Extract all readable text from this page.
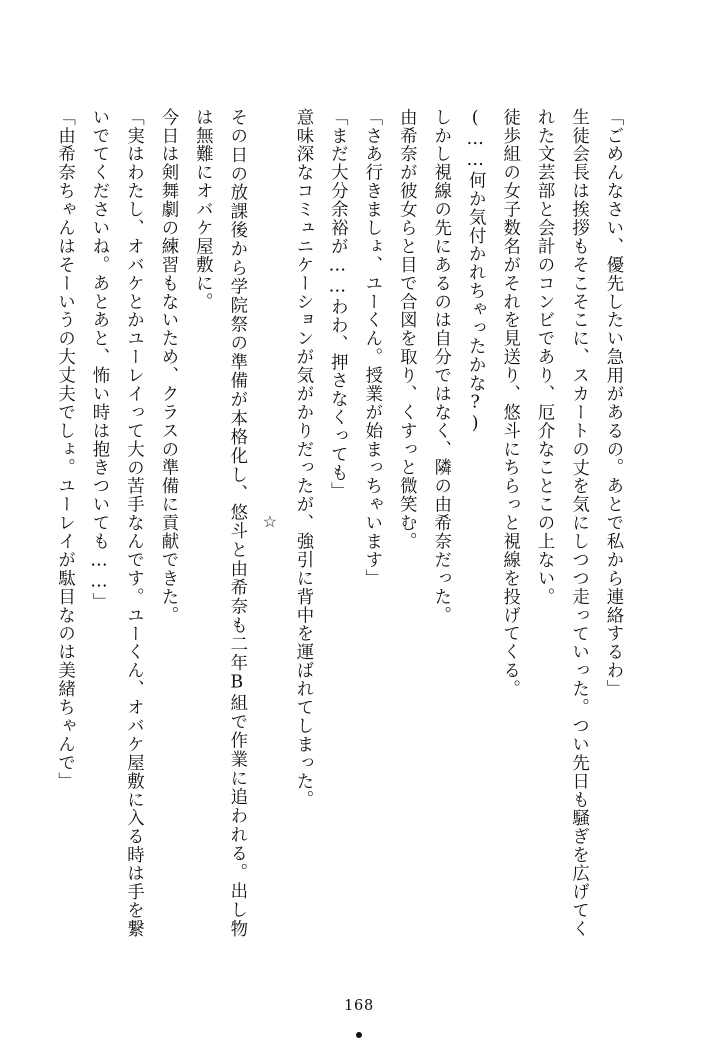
「ごめんなさい、優先したい急用があるの。あとで私から連絡するわ」

生徒会長は挨拶もそこそこに、スカートの丈を気にしつつ走っていった。つい先日も騒ぎを広げてくれた文芸部と会計のコンビであり、厄介なことこの上ない。

徒歩組の女子数名がそれを見送り、悠斗にちらっと視線を投げてくる。

(……何か気付かれちゃったかな?)

しかし視線の先にあるのは自分ではなく、隣の由希奈だった。

由希奈が彼女らと目で合図を取り、くすっと微笑む。

「さあ行きましょ、ユーくん。授業が始まっちゃいます」

「まだ大分余裕が……わわ、押さなくっても」

意味深なコミュニケーションが気がかりだったが、強引に背中を運ばれてしまった。

☆

その日の放課後から学院祭の準備が本格化し、悠斗と由希奈も二年B組で作業に追われる。出し物は無難にオバケ屋敷に。

今日は剣舞劇の練習もないため、クラスの準備に貢献できた。

「実はわたし、オバケとかユーレイって大の苦手なんです。ユーくん、オバケ屋敷に入る時は手を繋いでてくださいね。あとあと、怖い時は抱きついても……」

「由希奈ちゃんはそーいうの大丈夫でしょ。ユーレイが駄目なのは美緒ちゃんで」

168
